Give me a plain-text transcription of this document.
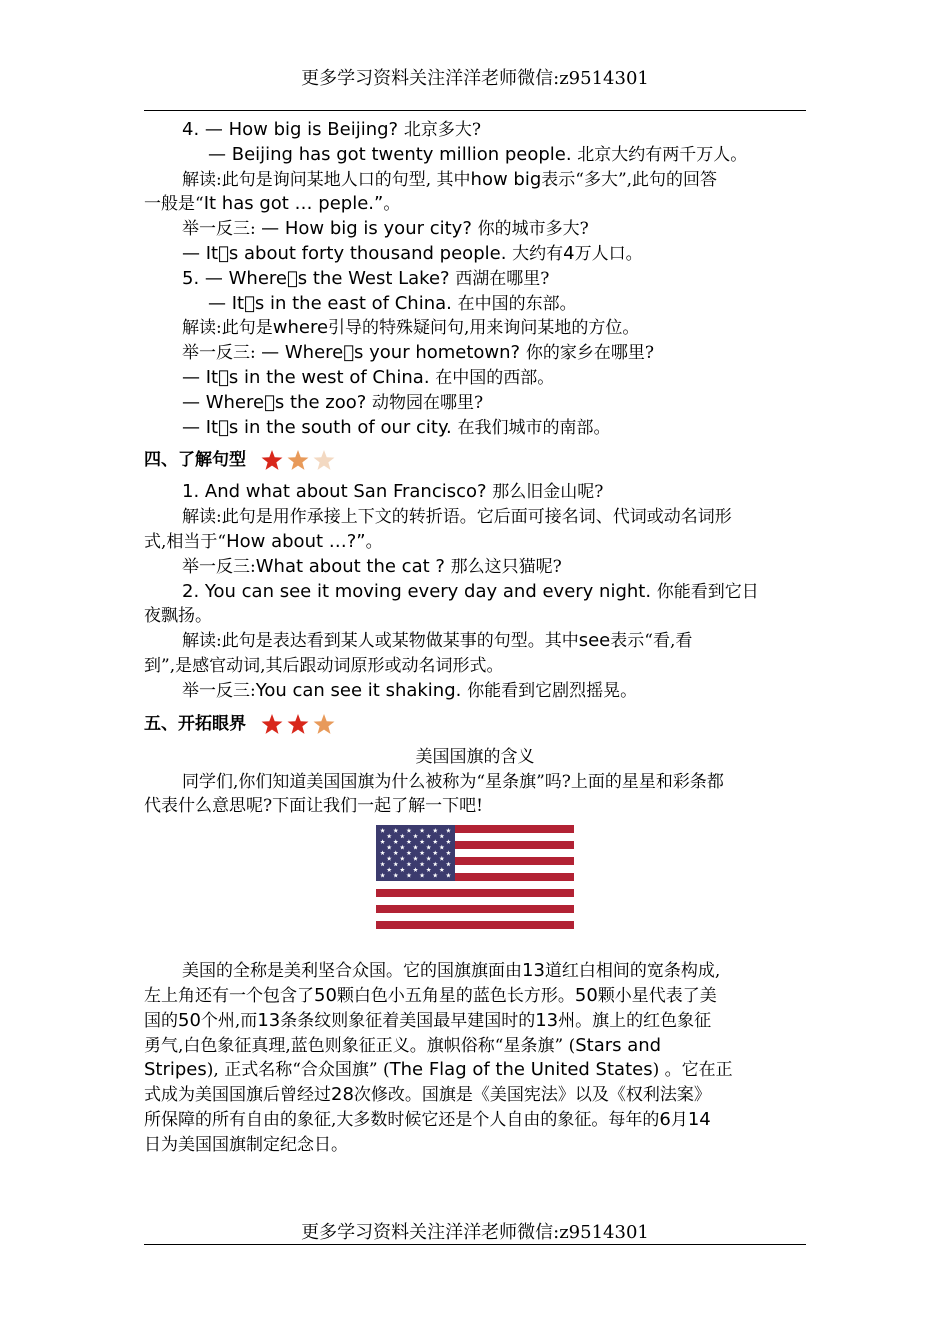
更多学习资料关注洋洋老师微信:z9514301
4. — How big is Beijing? 北京多大?
— Beijing has got twenty million people. 北京大约有两千万人。
解读:此句是询问某地人口的句型, 其中how big表示“多大”,此句的回答
一般是“It has got … peple.”。
举一反三: — How big is your city? 你的城市多大?
— It s about forty thousand people. 大约有4万人口。
5. — Where s the West Lake? 西湖在哪里?
— It s in the east of China. 在中国的东部。
解读:此句是where引导的特殊疑问句,用来询问某地的方位。
举一反三: — Where s your hometown? 你的家乡在哪里?
— It s in the west of China. 在中国的西部。
— Where s the zoo? 动物园在哪里?
— It s in the south of our city. 在我们城市的南部。
四、了解句型
1. And what about San Francisco? 那么旧金山呢?
解读:此句是用作承接上下文的转折语。它后面可接名词、代词或动名词形
式,相当于“How about …?”。
举一反三:What about the cat ? 那么这只猫呢?
2. You can see it moving every day and every night. 你能看到它日
夜飘扬。
解读:此句是表达看到某人或某物做某事的句型。其中see表示“看,看
到”,是感官动词,其后跟动词原形或动名词形式。
举一反三:You can see it shaking. 你能看到它剧烈摇晃。
五、开拓眼界
美国国旗的含义
同学们,你们知道美国国旗为什么被称为“星条旗”吗?上面的星星和彩条都
代表什么意思呢?下面让我们一起了解一下吧!
美国的全称是美利坚合众国。它的国旗旗面由13道红白相间的宽条构成,
左上角还有一个包含了50颗白色小五角星的蓝色长方形。50颗小星代表了美
国的50个州,而13条条纹则象征着美国最早建国时的13州。旗上的红色象征
勇气,白色象征真理,蓝色则象征正义。旗帜俗称“星条旗” (Stars and
Stripes), 正式名称“合众国旗” (The Flag of the United States) 。它在正
式成为美国国旗后曾经过28次修改。国旗是《美国宪法》以及《权利法案》
所保障的所有自由的象征,大多数时候它还是个人自由的象征。每年的6月14
日为美国国旗制定纪念日。
更多学习资料关注洋洋老师微信:z9514301
